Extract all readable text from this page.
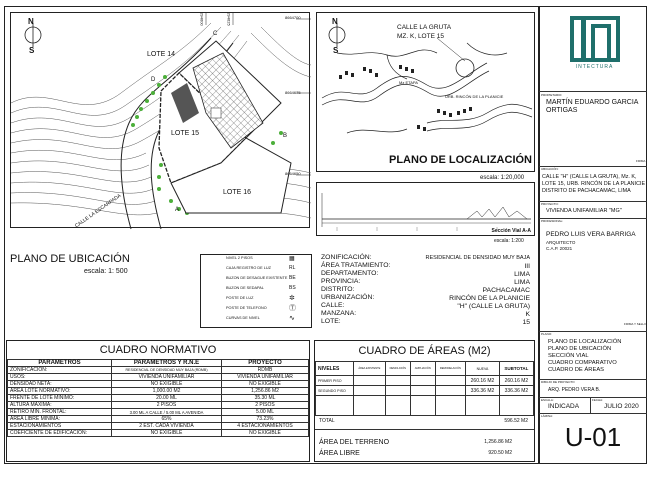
N
S	LOTE 14
LOTE 15
LOTE 16
CALLE LA ESCARPADA
8664700
8664675
8664650
294600	294625
A
B
C
D
N
S
CALLE LA GRUTA
MZ. K, LOTE 15
Mz ETAPA
URB. RINCÓN DE LA PLANICIE
PLANO DE LOCALIZACIÓN
escala: 1:20,000
Sección Vial A-A
escala: 1:200
PLANO DE UBICACIÓN
escala: 1: 500
NIVEL 2 PISOS	▦
CAJA REGISTRO DE LUZ	RL
BUZON DE DESAGUE EXISTENTE BE
BUZON DE SEDAPAL	BS
POSTE DE LUZ	✲
POSTE DE TELEFONO	Ⓣ
CURVAS DE NIVEL	∿
ZONIFICACIÓN:	RESIDENCIAL DE DENSIDAD MUY BAJA
ÁREA TRATAMIENTO:	III
DEPARTAMENTO:	LIMA
PROVINCIA:	LIMA
DISTRITO:	PACHACAMAC
URBANIZACIÓN:	RINCÓN DE LA PLANICIE
CALLE:	"H" (CALLE LA GRUTA)
MANZANA:	K
LOTE:	15
CUADRO NORMATIVO
PARAMETROS	PARAMETROS Y R.N.E	PROYECTO
ZONIFICACIÓN:	RESIDENCIAL DE DENSIDAD MUY BAJA (RDMB)	RDMB
USOS:	VIVIENDA UNIFAMILIAR	VIVIENDA UNIFAMILIAR
DENSIDAD NETA:	NO EXIGIBLE	NO EXIGIBLE
ÁREA LOTE NORMATIVO:	1,000.00 M2	1,256.86 M2
FRENTE DE LOTE MINIMO:	20.00 ML	35.30 ML
ALTURA MÁXIMA:	2 PISOS	2 PISOS
RETIRO MIN. FRONTAL:	3.00 ML A CALLE / 5.00 ML A AVENIDA	5.00 ML
ÁREA LIBRE MINIMA:	65%	73.23%
ESTACIONAMIENTOS	2 EST. CADA VIVIENDA	4 ESTACIONAMIENTOS
COEFICIENTE DE EDIFICACIÓN:	NO EXIGIBLE	NO EXIGIBLE
CUADRO DE ÁREAS (M2)
NIVELES	ÁREA EXISTENTE	DEMOLICIÓN	AMPLIACIÓN	REMODELACIÓN	NUEVA	SUBTOTAL
PRIMER PISO					260.16 M2	260.16 M2
SEGUNDO PISO					336.36 M2	336.36 M2

TOTAL	596.52 M2
ÁREA DEL TERRENO	1,256.86 M2
ÁREA LIBRE	920.50 M2
INTECTURA
PROPIETARIO:
MARTÍN EDUARDO GARCIA ORTIGAS
FIRMA
UBICACIÓN:
CALLE "H" (CALLE LA GRUTA), Mz. K, LOTE 15, URB. RINCÓN DE LA PLANICIE DISTRITO DE PACHACAMAC, LIMA
PROYECTO:
VIVIENDA UNIFAMILIAR "MG"
PROFESIONAL:
PEDRO LUIS VERA BARRIGA
ARQUITECTO
C.A.P. 20021
FIRMA Y SELLO
PLANO:
PLANO DE LOCALIZACIÓN
PLANO DE UBICACIÓN
SECCIÓN VIAL
CUADRO COMPARATIVO
CUADRO DE ÁREAS
DIBUJO DE PROYECTO
ARQ. PEDRO VERA B.
ESCALA:
INDICADA
FECHA:
JULIO 2020
LÁMINA:
U-01
